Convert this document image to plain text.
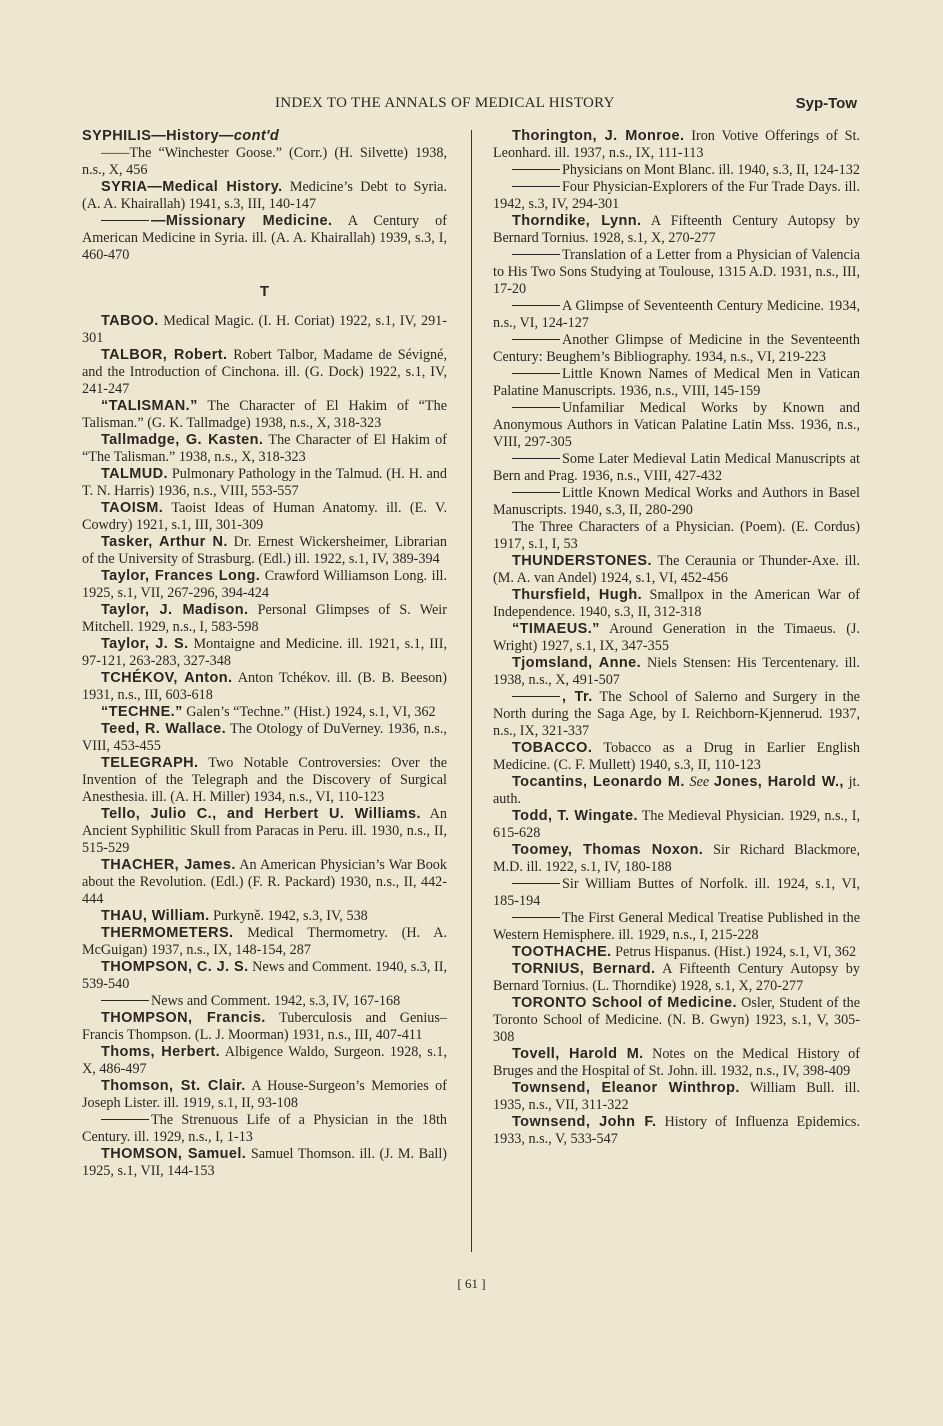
INDEX TO THE ANNALS OF MEDICAL HISTORY	Syp-Tow

SYPHILIS—History—cont'd

——The “Winchester Goose.” (Corr.) (H. Silvette) 1938, n.s., X, 456

SYRIA—Medical History. Medicine’s Debt to Syria. (A. A. Khairallah) 1941, s.3, III, 140-147

—Missionary Medicine. A Century of American Medicine in Syria. ill. (A. A. Khairallah) 1939, s.3, I, 460-470

T

TABOO. Medical Magic. (I. H. Coriat) 1922, s.1, IV, 291-301

TALBOR, Robert. Robert Talbor, Madame de Sévigné, and the Introduction of Cinchona. ill. (G. Dock) 1922, s.1, IV, 241-247

“TALISMAN.” The Character of El Hakim of “The Talisman.” (G. K. Tallmadge) 1938, n.s., X, 318-323

Tallmadge, G. Kasten. The Character of El Hakim of “The Talisman.” 1938, n.s., X, 318-323

TALMUD. Pulmonary Pathology in the Talmud. (H. H. and T. N. Harris) 1936, n.s., VIII, 553-557

TAOISM. Taoist Ideas of Human Anatomy. ill. (E. V. Cowdry) 1921, s.1, III, 301-309

Tasker, Arthur N. Dr. Ernest Wickersheimer, Librarian of the University of Strasburg. (Edl.) ill. 1922, s.1, IV, 389-394

Taylor, Frances Long. Crawford Williamson Long. ill. 1925, s.1, VII, 267-296, 394-424

Taylor, J. Madison. Personal Glimpses of S. Weir Mitchell. 1929, n.s., I, 583-598

Taylor, J. S. Montaigne and Medicine. ill. 1921, s.1, III, 97-121, 263-283, 327-348

TCHÉKOV, Anton. Anton Tchékov. ill. (B. B. Beeson) 1931, n.s., III, 603-618

“TECHNE.” Galen’s “Techne.” (Hist.) 1924, s.1, VI, 362

Teed, R. Wallace. The Otology of DuVerney. 1936, n.s., VIII, 453-455

TELEGRAPH. Two Notable Controversies: Over the Invention of the Telegraph and the Discovery of Surgical Anesthesia. ill. (A. H. Miller) 1934, n.s., VI, 110-123

Tello, Julio C., and Herbert U. Williams. An Ancient Syphilitic Skull from Paracas in Peru. ill. 1930, n.s., II, 515-529

THACHER, James. An American Physician’s War Book about the Revolution. (Edl.) (F. R. Packard) 1930, n.s., II, 442-444

THAU, William. Purkyně. 1942, s.3, IV, 538

THERMOMETERS. Medical Thermometry. (H. A. McGuigan) 1937, n.s., IX, 148-154, 287

THOMPSON, C. J. S. News and Comment. 1940, s.3, II, 539-540

News and Comment. 1942, s.3, IV, 167-168

THOMPSON, Francis. Tuberculosis and Genius–Francis Thompson. (L. J. Moorman) 1931, n.s., III, 407-411

Thoms, Herbert. Albigence Waldo, Surgeon. 1928, s.1, X, 486-497

Thomson, St. Clair. A House-Surgeon’s Memories of Joseph Lister. ill. 1919, s.1, II, 93-108

The Strenuous Life of a Physician in the 18th Century. ill. 1929, n.s., I, 1-13

THOMSON, Samuel. Samuel Thomson. ill. (J. M. Ball) 1925, s.1, VII, 144-153

Thorington, J. Monroe. Iron Votive Offerings of St. Leonhard. ill. 1937, n.s., IX, 111-113

Physicians on Mont Blanc. ill. 1940, s.3, II, 124-132

Four Physician-Explorers of the Fur Trade Days. ill. 1942, s.3, IV, 294-301

Thorndike, Lynn. A Fifteenth Century Autopsy by Bernard Tornius. 1928, s.1, X, 270-277

Translation of a Letter from a Physician of Valencia to His Two Sons Studying at Toulouse, 1315 A.D. 1931, n.s., III, 17-20

A Glimpse of Seventeenth Century Medicine. 1934, n.s., VI, 124-127

Another Glimpse of Medicine in the Seventeenth Century: Beughem’s Bibliography. 1934, n.s., VI, 219-223

Little Known Names of Medical Men in Vatican Palatine Manuscripts. 1936, n.s., VIII, 145-159

Unfamiliar Medical Works by Known and Anonymous Authors in Vatican Palatine Latin Mss. 1936, n.s., VIII, 297-305

Some Later Medieval Latin Medical Manuscripts at Bern and Prag. 1936, n.s., VIII, 427-432

Little Known Medical Works and Authors in Basel Manuscripts. 1940, s.3, II, 280-290

The Three Characters of a Physician. (Poem). (E. Cordus) 1917, s.1, I, 53

THUNDERSTONES. The Ceraunia or Thunder-Axe. ill. (M. A. van Andel) 1924, s.1, VI, 452-456

Thursfield, Hugh. Smallpox in the American War of Independence. 1940, s.3, II, 312-318

“TIMAEUS.” Around Generation in the Timaeus. (J. Wright) 1927, s.1, IX, 347-355

Tjomsland, Anne. Niels Stensen: His Tercentenary. ill. 1938, n.s., X, 491-507

, Tr. The School of Salerno and Surgery in the North during the Saga Age, by I. Reichborn-Kjennerud. 1937, n.s., IX, 321-337

TOBACCO. Tobacco as a Drug in Earlier English Medicine. (C. F. Mullett) 1940, s.3, II, 110-123

Tocantins, Leonardo M. See Jones, Harold W., jt. auth.

Todd, T. Wingate. The Medieval Physician. 1929, n.s., I, 615-628

Toomey, Thomas Noxon. Sir Richard Blackmore, M.D. ill. 1922, s.1, IV, 180-188

Sir William Buttes of Norfolk. ill. 1924, s.1, VI, 185-194

The First General Medical Treatise Published in the Western Hemisphere. ill. 1929, n.s., I, 215-228

TOOTHACHE. Petrus Hispanus. (Hist.) 1924, s.1, VI, 362

TORNIUS, Bernard. A Fifteenth Century Autopsy by Bernard Tornius. (L. Thorndike) 1928, s.1, X, 270-277

TORONTO School of Medicine. Osler, Student of the Toronto School of Medicine. (N. B. Gwyn) 1923, s.1, V, 305-308

Tovell, Harold M. Notes on the Medical History of Bruges and the Hospital of St. John. ill. 1932, n.s., IV, 398-409

Townsend, Eleanor Winthrop. William Bull. ill. 1935, n.s., VII, 311-322

Townsend, John F. History of Influenza Epidemics. 1933, n.s., V, 533-547

[ 61 ]
